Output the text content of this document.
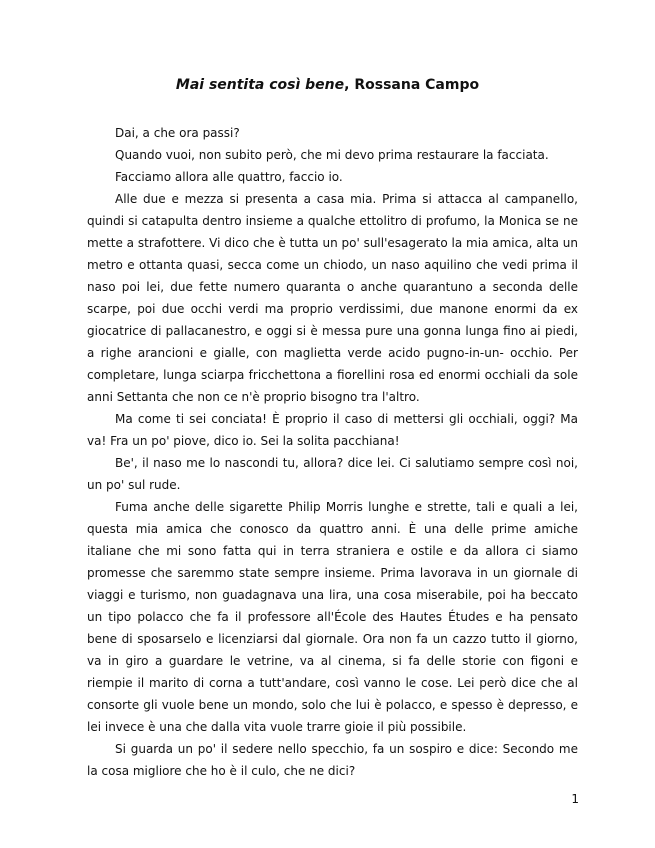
Mai sentita così bene, Rossana Campo

Dai, a che ora passi?

Quando vuoi, non subito però, che mi devo prima restaurare la facciata.

Facciamo allora alle quattro, faccio io.

Alle due e mezza si presenta a casa mia. Prima si attacca al campanello, quindi si catapulta dentro insieme a qualche ettolitro di profumo, la Monica se ne mette a strafottere. Vi dico che è tutta un po' sull'esagerato la mia amica, alta un metro e ottanta quasi, secca come un chiodo, un naso aquilino che vedi prima il naso poi lei, due fette numero quaranta o anche quarantuno a seconda delle scarpe, poi due occhi verdi ma proprio verdissimi, due manone enormi da ex giocatrice di pallacanestro, e oggi si è messa pure una gonna lunga fino ai piedi, a righe arancioni e gialle, con maglietta verde acido pugno-in-un- occhio. Per completare, lunga sciarpa fricchettona a fiorellini rosa ed enormi occhiali da sole anni Settanta che non ce n'è proprio bisogno tra l'altro.

Ma come ti sei conciata! È proprio il caso di mettersi gli occhiali, oggi? Ma va! Fra un po' piove, dico io. Sei la solita pacchiana!

Be', il naso me lo nascondi tu, allora? dice lei. Ci salutiamo sempre così noi, un po' sul rude.

Fuma anche delle sigarette Philip Morris lunghe e strette, tali e quali a lei, questa mia amica che conosco da quattro anni. È una delle prime amiche italiane che mi sono fatta qui in terra straniera e ostile e da allora ci siamo promesse che saremmo state sempre insieme. Prima lavorava in un giornale di viaggi e turismo, non guadagnava una lira, una cosa miserabile, poi ha beccato un tipo polacco che fa il professore all'École des Hautes Études e ha pensato bene di sposarselo e licenziarsi dal giornale. Ora non fa un cazzo tutto il giorno, va in giro a guardare le vetrine, va al cinema, si fa delle storie con figoni e riempie il marito di corna a tutt'andare, così vanno le cose. Lei però dice che al consorte gli vuole bene un mondo, solo che lui è polacco, e spesso è depresso, e lei invece è una che dalla vita vuole trarre gioie il più possibile.

Si guarda un po' il sedere nello specchio, fa un sospiro e dice: Secondo me la cosa migliore che ho è il culo, che ne dici?

1
